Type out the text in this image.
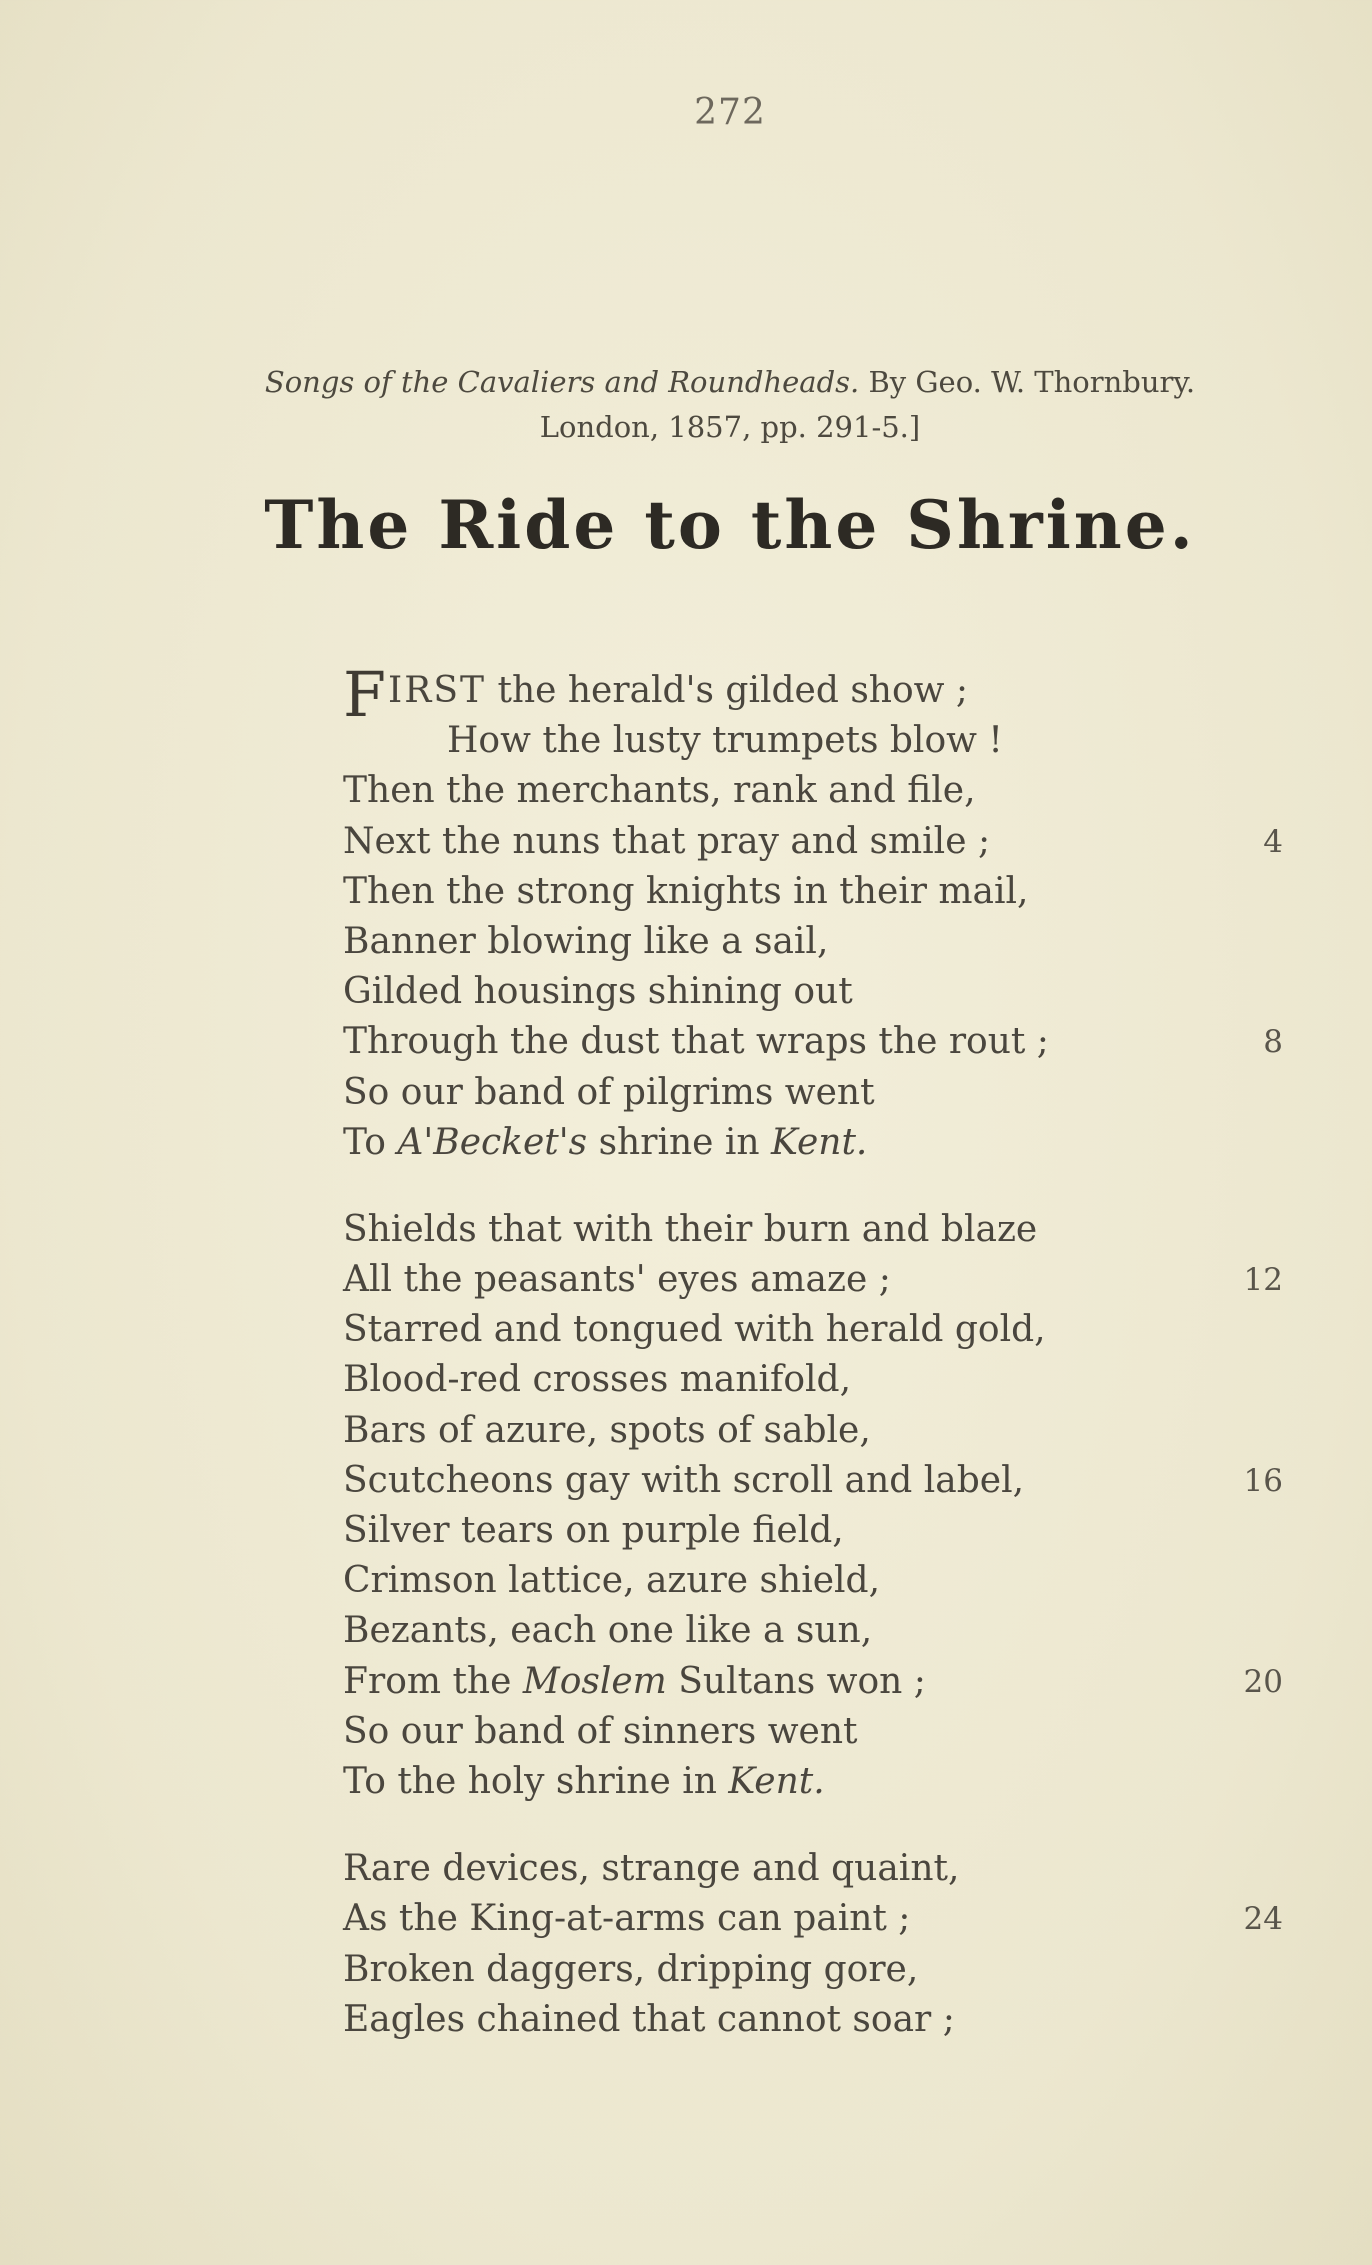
272
Songs of the Cavaliers and Roundheads. By Geo. W. Thornbury.
London, 1857, pp. 291-5.]
The Ride to the Shrine.
FIRST the herald's gilded show ;
How the lusty trumpets blow !
Then the merchants, rank and file,
Next the nuns that pray and smile ;	4
Then the strong knights in their mail,
Banner blowing like a sail,
Gilded housings shining out
Through the dust that wraps the rout ;	8
So our band of pilgrims went
To A'Becket's shrine in Kent.
Shields that with their burn and blaze
All the peasants' eyes amaze ;	12
Starred and tongued with herald gold,
Blood-red crosses manifold,
Bars of azure, spots of sable,
Scutcheons gay with scroll and label,	16
Silver tears on purple field,
Crimson lattice, azure shield,
Bezants, each one like a sun,
From the Moslem Sultans won ;	20
So our band of sinners went
To the holy shrine in Kent.
Rare devices, strange and quaint,
As the King-at-arms can paint ;	24
Broken daggers, dripping gore,
Eagles chained that cannot soar ;
